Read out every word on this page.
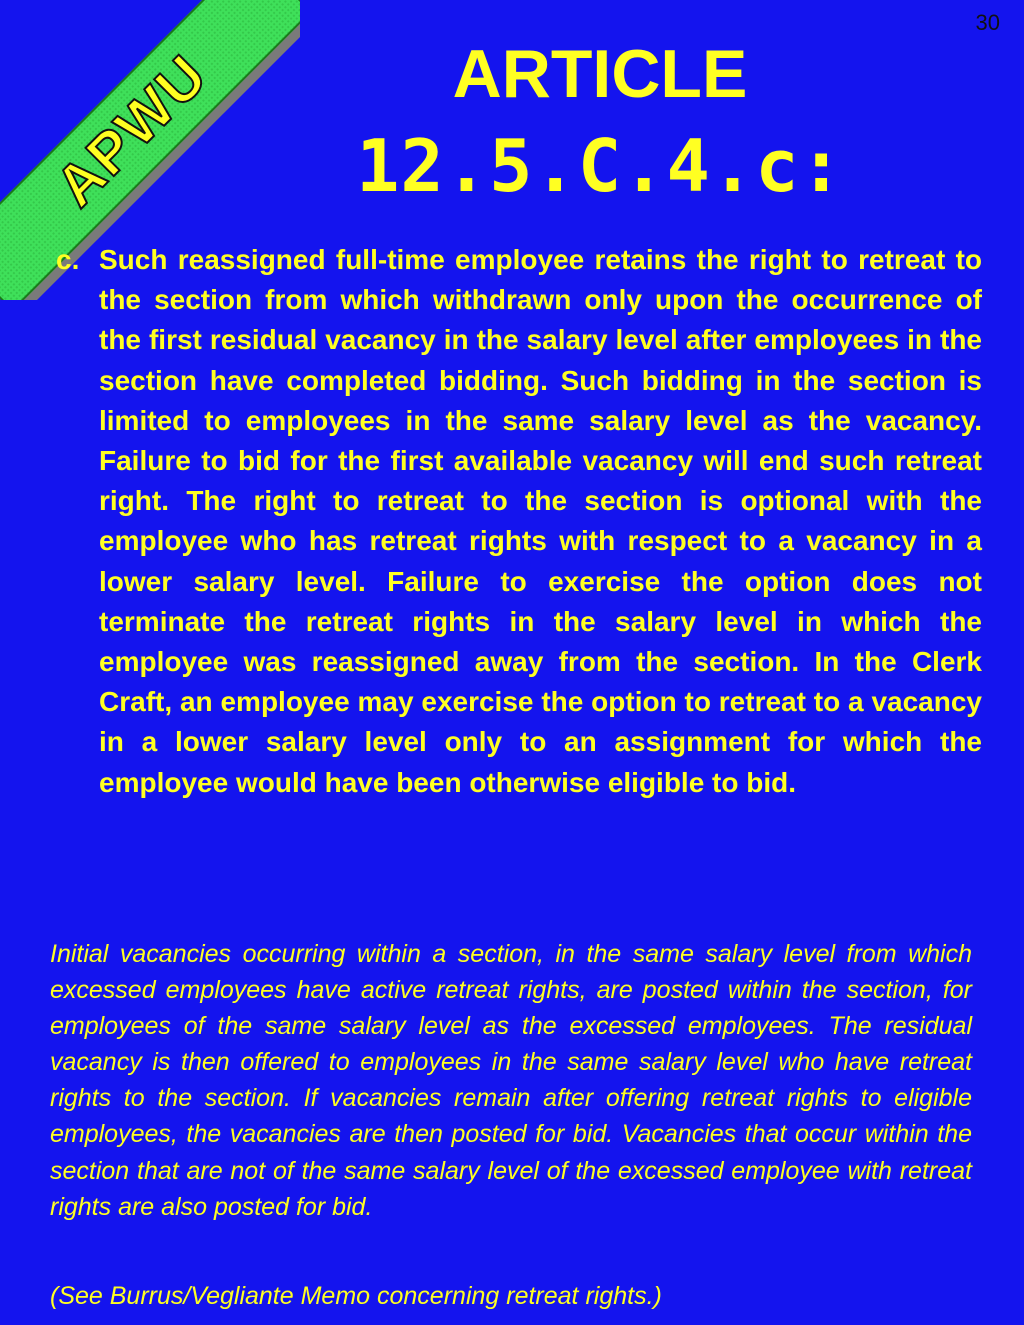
30
APWU	ARTICLE
12.5.C.4.c:
c. Such reassigned full-time employee retains the right to retreat to the section from which withdrawn only upon the occurrence of the first residual vacancy in the salary level after employees in the section have completed bidding. Such bidding in the section is limited to employees in the same salary level as the vacancy. Failure to bid for the first available vacancy will end such retreat right. The right to retreat to the section is optional with the employee who has retreat rights with respect to a vacancy in a lower salary level. Failure to exercise the option does not terminate the retreat rights in the salary level in which the employee was reassigned away from the section. In the Clerk Craft, an employee may exercise the option to retreat to a vacancy in a lower salary level only to an assignment for which the employee would have been otherwise eligible to bid.
Initial vacancies occurring within a section, in the same salary level from which excessed employees have active retreat rights, are posted within the section, for employees of the same salary level as the excessed employees. The residual vacancy is then offered to employees in the same salary level who have retreat rights to the section. If vacancies remain after offering retreat rights to eligible employees, the vacancies are then posted for bid. Vacancies that occur within the section that are not of the same salary level of the excessed employee with retreat rights are also posted for bid.
(See Burrus/Vegliante Memo concerning retreat rights.)
